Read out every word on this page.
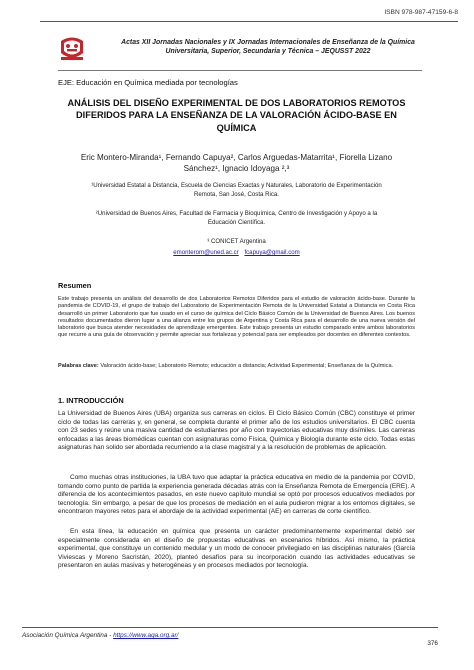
ISBN 978-987-47159-6-8
Actas XII Jornadas Nacionales y IX Jornadas Internacionales de Enseñanza de la Química
Universitaria, Superior, Secundaria y Técnica – JEQUSST 2022
EJE: Educación en Química mediada por tecnologías
ANÁLISIS DEL DISEÑO EXPERIMENTAL DE DOS LABORATORIOS REMOTOS DIFERIDOS PARA LA ENSEÑANZA DE LA VALORACIÓN ÁCIDO-BASE EN QUÍMICA
Eric Montero-Miranda¹, Fernando Capuya², Carlos Arguedas-Matarrita¹, Fiorella Lizano
Sánchez¹, Ignacio Idoyaga ²,³
¹Universidad Estatal a Distancia, Escuela de Ciencias Exactas y Naturales, Laboratorio de Experimentación
Remota, San José, Costa Rica.
²Universidad de Buenos Aires, Facultad de Farmacia y Bioquímica, Centro de Investigación y Apoyo a la
Educación Científica.
³ CONICET Argentina
emonterom@uned.ac.cr fcapuya@gmail.com
Resumen
Este trabajo presenta un análisis del desarrollo de dos Laboratorios Remotos Diferidos para el estudio de valoración ácido-base. Durante la pandemia de COVID-19, el grupo de trabajo del Laboratorio de Experimentación Remota de la Universidad Estatal a Distancia en Costa Rica desarrolló un primer Laboratorio que fue usado en el curso de química del Ciclo Básico Común de la Universidad de Buenos Aires. Los buenos resultados documentados dieron lugar a una alianza entre los grupos de Argentina y Costa Rica para el desarrollo de una nueva versión del laboratorio que busca atender necesidades de aprendizaje emergentes. Este trabajo presenta un estudio comparado entre ambos laboratorios que recurre a una guía de observación y permite apreciar sus fortalezas y potencial para ser empleados por docentes en diferentes contextos.
Palabras clave: Valoración ácido-base; Laboratorio Remoto; educación a distancia; Actividad Experimental; Enseñanza de la Química.
1. INTRODUCCIÓN
La Universidad de Buenos Aires (UBA) organiza sus carreras en ciclos. El Ciclo Básico Común (CBC) constituye el primer ciclo de todas las carreras y, en general, se completa durante el primer año de los estudios universitarios. El CBC cuenta con 23 sedes y reúne una masiva cantidad de estudiantes por año con trayectorias educativas muy disímiles. Las carreras enfocadas a las áreas biomédicas cuentan con asignaturas como Física, Química y Biología durante este ciclo. Todas estas asignaturas han solido ser abordada recurriendo a la clase magistral y a la resolución de problemas de aplicación.
Como muchas otras instituciones, la UBA tuvo que adaptar la práctica educativa en medio de la pandemia por COVID, tomando como punto de partida la experiencia generada décadas atrás con la Enseñanza Remota de Emergencia (ERE). A diferencia de los acontecimientos pasados, en este nuevo capítulo mundial se optó por procesos educativos mediados por tecnología. Sin embargo, a pesar de que los procesos de mediación en el aula pudieron migrar a los entornos digitales, se encontraron mayores retos para el abordaje de la actividad experimental (AE) en carreras de corte científico.
En esta línea, la educación en química que presenta un carácter predominantemente experimental debió ser especialmente considerada en el diseño de propuestas educativas en escenarios híbridos. Así mismo, la práctica experimental, que constituye un contenido medular y un modo de conocer privilegiado en las disciplinas naturales (García Viviescas y Moreno Sacristán, 2020), planteó desafíos para su incorporación cuando las actividades educativas se presentaron en aulas masivas y heterogéneas y en procesos mediados por tecnología.
Asociación Química Argentina - https://www.aqa.org.ar/
376
